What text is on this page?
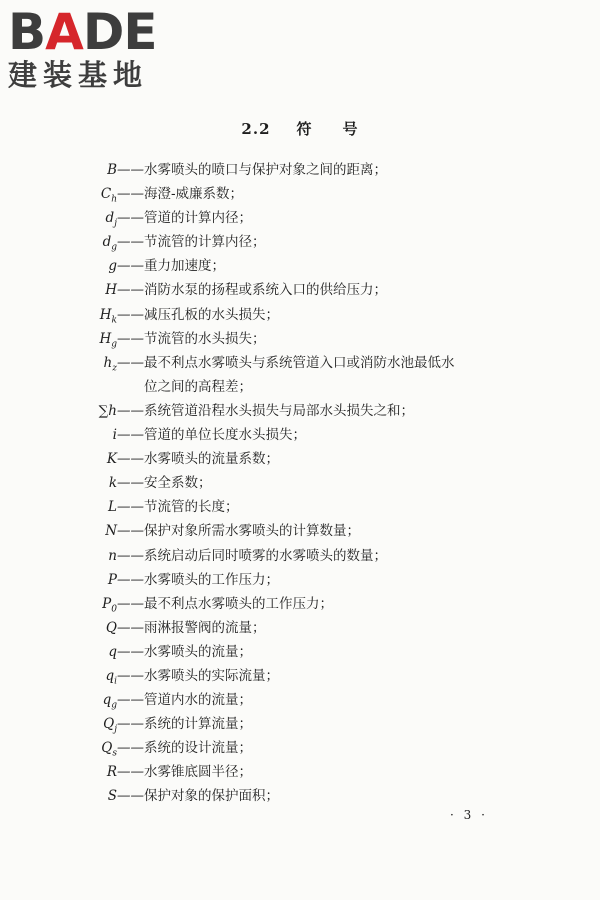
B A DE
建装基地
2.2 符 号
B—— 水雾喷头的喷口与保护对象之间的距离；
$C_h——$ 海澄-威廉系数；
$d_j——$ 管道的计算内径；
$d_g——$ 节流管的计算内径；
g—— 重力加速度；
H—— 消防水泵的扬程或系统入口的供给压力；
$H_k——$ 减压孔板的水头损失；
$H_g——$ 节流管的水头损失；
$h_z——$ 最不利点水雾喷头与系统管道入口或消防水池最低水
位之间的高程差；
∑h—— 系统管道沿程水头损失与局部水头损失之和；
i—— 管道的单位长度水头损失；
K—— 水雾喷头的流量系数；
k—— 安全系数；
L—— 节流管的长度；
N—— 保护对象所需水雾喷头的计算数量；
n—— 系统启动后同时喷雾的水雾喷头的数量；
P—— 水雾喷头的工作压力；
$P_0——$ 最不利点水雾喷头的工作压力；
Q—— 雨淋报警阀的流量；
q—— 水雾喷头的流量；
$q_i——$ 水雾喷头的实际流量；
$q_g——$ 管道内水的流量；
$Q_j——$ 系统的计算流量；
$Q_s——$ 系统的设计流量；
R—— 水雾锥底圆半径；
S—— 保护对象的保护面积；
· 3 ·
